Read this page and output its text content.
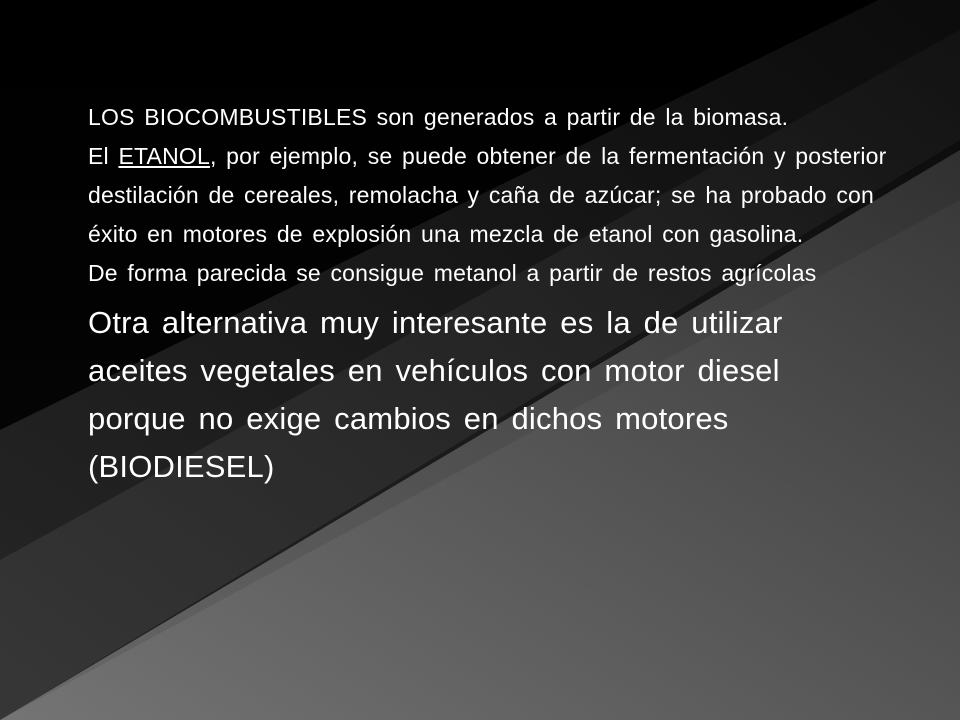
LOS BIOCOMBUSTIBLES son generados a partir de la biomasa.

El ETANOL, por ejemplo, se puede obtener de la fermentación y posterior destilación de cereales, remolacha y caña de azúcar; se ha probado con éxito en motores de explosión una mezcla de etanol con gasolina.

De forma parecida se consigue metanol a partir de restos agrícolas

Otra alternativa muy interesante es la de utilizar aceites vegetales en vehículos con motor diesel porque no exige cambios en dichos motores (BIODIESEL)
